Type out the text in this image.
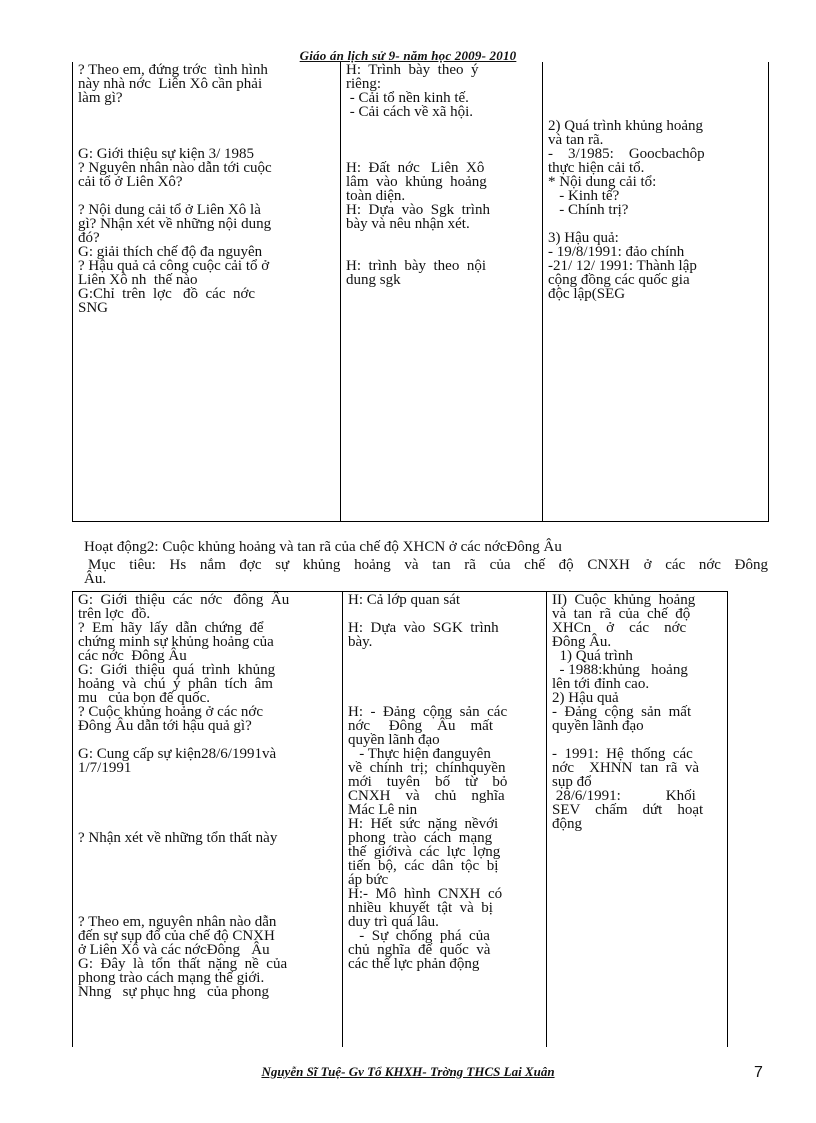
Giáo án lịch sử 9- năm học 2009- 2010
? Theo em, đứng trớc  tình hình
này nhà nớc  Liên Xô cần phải
làm gì?
G: Giới thiệu sự kiện 3/ 1985
? Nguyên nhân nào dẫn tới cuộc
cải tổ ở Liên Xô?
? Nội dung cải tổ ở Liên Xô là
gì? Nhận xét về những nội dung
đó?
G: giải thích chế độ đa nguyên
? Hậu quả cả công cuộc cải tổ ở
Liên Xô nh  thế nào
G:Chỉ  trên  lợc   đồ  các  nớc
SNG

H:  Trình  bày  theo  ý
riêng:
- Cải tổ nền kinh tế.
- Cải cách về xã hội.
H:  Đất  nớc   Liên  Xô
lâm  vào  khủng  hoảng
toàn diện.
H:  Dựa  vào  Sgk  trình
bày và nêu nhận xét.
H:  trình  bày  theo  nội
dung sgk

2) Quá trình khủng hoảng
và tan rã.
-    3/1985:    Goocbachôp
thực hiện cải tổ.
* Nội dung cải tổ:
- Kinh tế?
- Chính trị?
3) Hậu quả:
- 19/8/1991: đảo chính
-21/ 12/ 1991: Thành lập
cộng đồng các quốc gia
độc lập(SEG
Hoạt động2: Cuộc khủng hoảng và tan rã của chế độ XHCN ở các nớcĐông Âu
Mục tiêu: Hs nắm đợc sự khủng hoảng và tan rã của chế độ CNXH ở các nớc Đông
Âu.
G:  Giới  thiệu  các  nớc   đông  Âu
trên lợc  đồ.
?  Em  hãy  lấy  dẫn  chứng  để
chứng minh sự khủng hoảng của
các nớc  Đông Âu
G:  Giới  thiệu  quá  trình  khủng
hoảng  và  chú  ý  phân  tích  âm
mu   của bọn đế quốc.
? Cuộc khủng hoảng ở các nớc
Đông Âu dẫn tới hậu quả gì?
G: Cung cấp sự kiện28/6/1991và
1/7/1991
? Nhận xét về những tổn thất này
? Theo em, nguyên nhân nào dẫn
đến sự sụp đổ của chế độ CNXH
ở Liên Xô và các nớcĐông   Âu
G:  Đây  là  tổn  thất  nặng  nề  của
phong trào cách mạng thế giới.
Nhng   sự phục hng   của phong

H: Cả lớp quan sát
H:  Dựa  vào  SGK  trình
bày.
H:  -  Đảng  cộng  sản  các
nớc     Đông    Âu    mất
quyền lãnh đạo
- Thực hiện đanguyên
về  chính  trị;  chínhquyền
mới    tuyên    bố    từ    bỏ
CNXH    và    chủ    nghĩa
Mác Lê nin
H:  Hết  sức  nặng  nềvới
phong  trào  cách  mạng
thế  giớivà  các  lực  lợng
tiến  bộ,  các  dân  tộc  bị
áp bức
H:-  Mô  hình  CNXH  có
nhiều  khuyết  tật  và  bị
duy trì quá lâu.
-  Sự  chống  phá  của
chủ  nghĩa  đế  quốc  và
các thế lực phản động

II)  Cuộc  khủng  hoảng
và  tan  rã  của  chế  độ
XHCn    ở    các    nớc
Đông Âu.
1) Quá trình
- 1988:khủng   hoảng
lên tới đỉnh cao.
2) Hậu quả
-  Đảng  cộng  sản  mất
quyền lãnh đạo
-  1991:  Hệ  thống  các
nớc    XHNN  tan  rã  và
sụp đổ
28/6/1991:            Khối
SEV    chấm    dứt    hoạt
động
Nguyễn Sĩ Tuệ- Gv Tổ KHXH- Trờng THCS Lai Xuân	7
